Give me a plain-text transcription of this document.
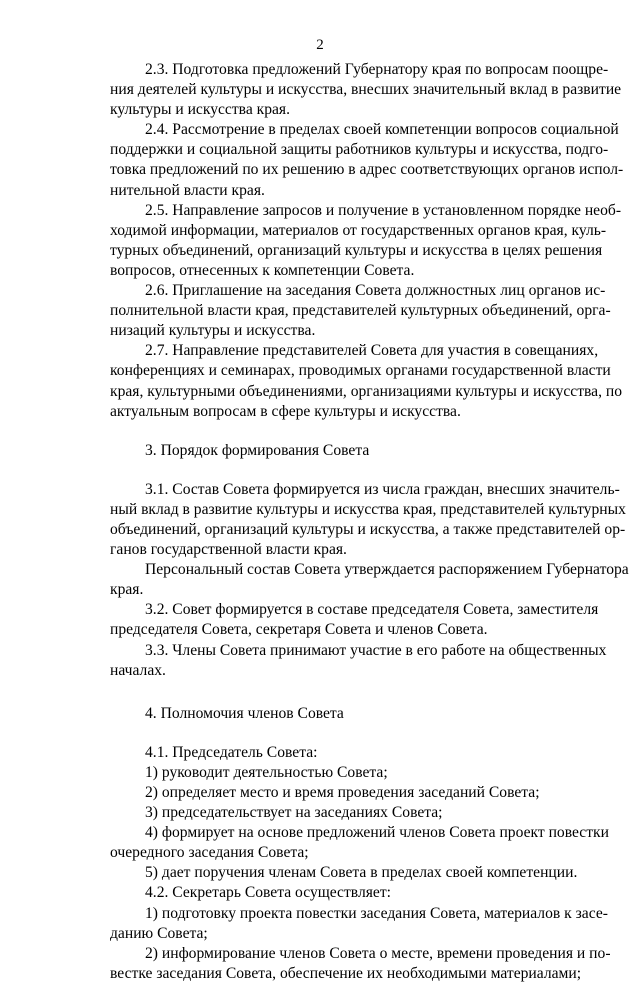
2
2.3. Подготовка предложений Губернатору края по вопросам поощре-
ния деятелей культуры и искусства, внесших значительный вклад в развитие
культуры и искусства края.
2.4. Рассмотрение в пределах своей компетенции вопросов социальной
поддержки и социальной защиты работников культуры и искусства, подго-
товка предложений по их решению в адрес соответствующих органов испол-
нительной власти края.
2.5. Направление запросов и получение в установленном порядке необ-
ходимой информации, материалов от государственных органов края, куль-
турных объединений, организаций культуры и искусства в целях решения
вопросов, отнесенных к компетенции Совета.
2.6. Приглашение на заседания Совета должностных лиц органов ис-
полнительной власти края, представителей культурных объединений, орга-
низаций культуры и искусства.
2.7. Направление представителей Совета для участия в совещаниях,
конференциях и семинарах, проводимых органами государственной власти
края, культурными объединениями, организациями культуры и искусства, по
актуальным вопросам в сфере культуры и искусства.
3. Порядок формирования Совета
3.1. Состав Совета формируется из числа граждан, внесших значитель-
ный вклад в развитие культуры и искусства края, представителей культурных
объединений, организаций культуры и искусства, а также представителей ор-
ганов государственной власти края.
Персональный состав Совета утверждается распоряжением Губернатора
края.
3.2. Совет формируется в составе председателя Совета, заместителя
председателя Совета, секретаря Совета и членов Совета.
3.3. Члены Совета принимают участие в его работе на общественных
началах.
4. Полномочия членов Совета
4.1. Председатель Совета:
1) руководит деятельностью Совета;
2) определяет место и время проведения заседаний Совета;
3) председательствует на заседаниях Совета;
4) формирует на основе предложений членов Совета проект повестки
очередного заседания Совета;
5) дает поручения членам Совета в пределах своей компетенции.
4.2. Секретарь Совета осуществляет:
1) подготовку проекта повестки заседания Совета, материалов к засе-
данию Совета;
2) информирование членов Совета о месте, времени проведения и по-
вестке заседания Совета, обеспечение их необходимыми материалами;
